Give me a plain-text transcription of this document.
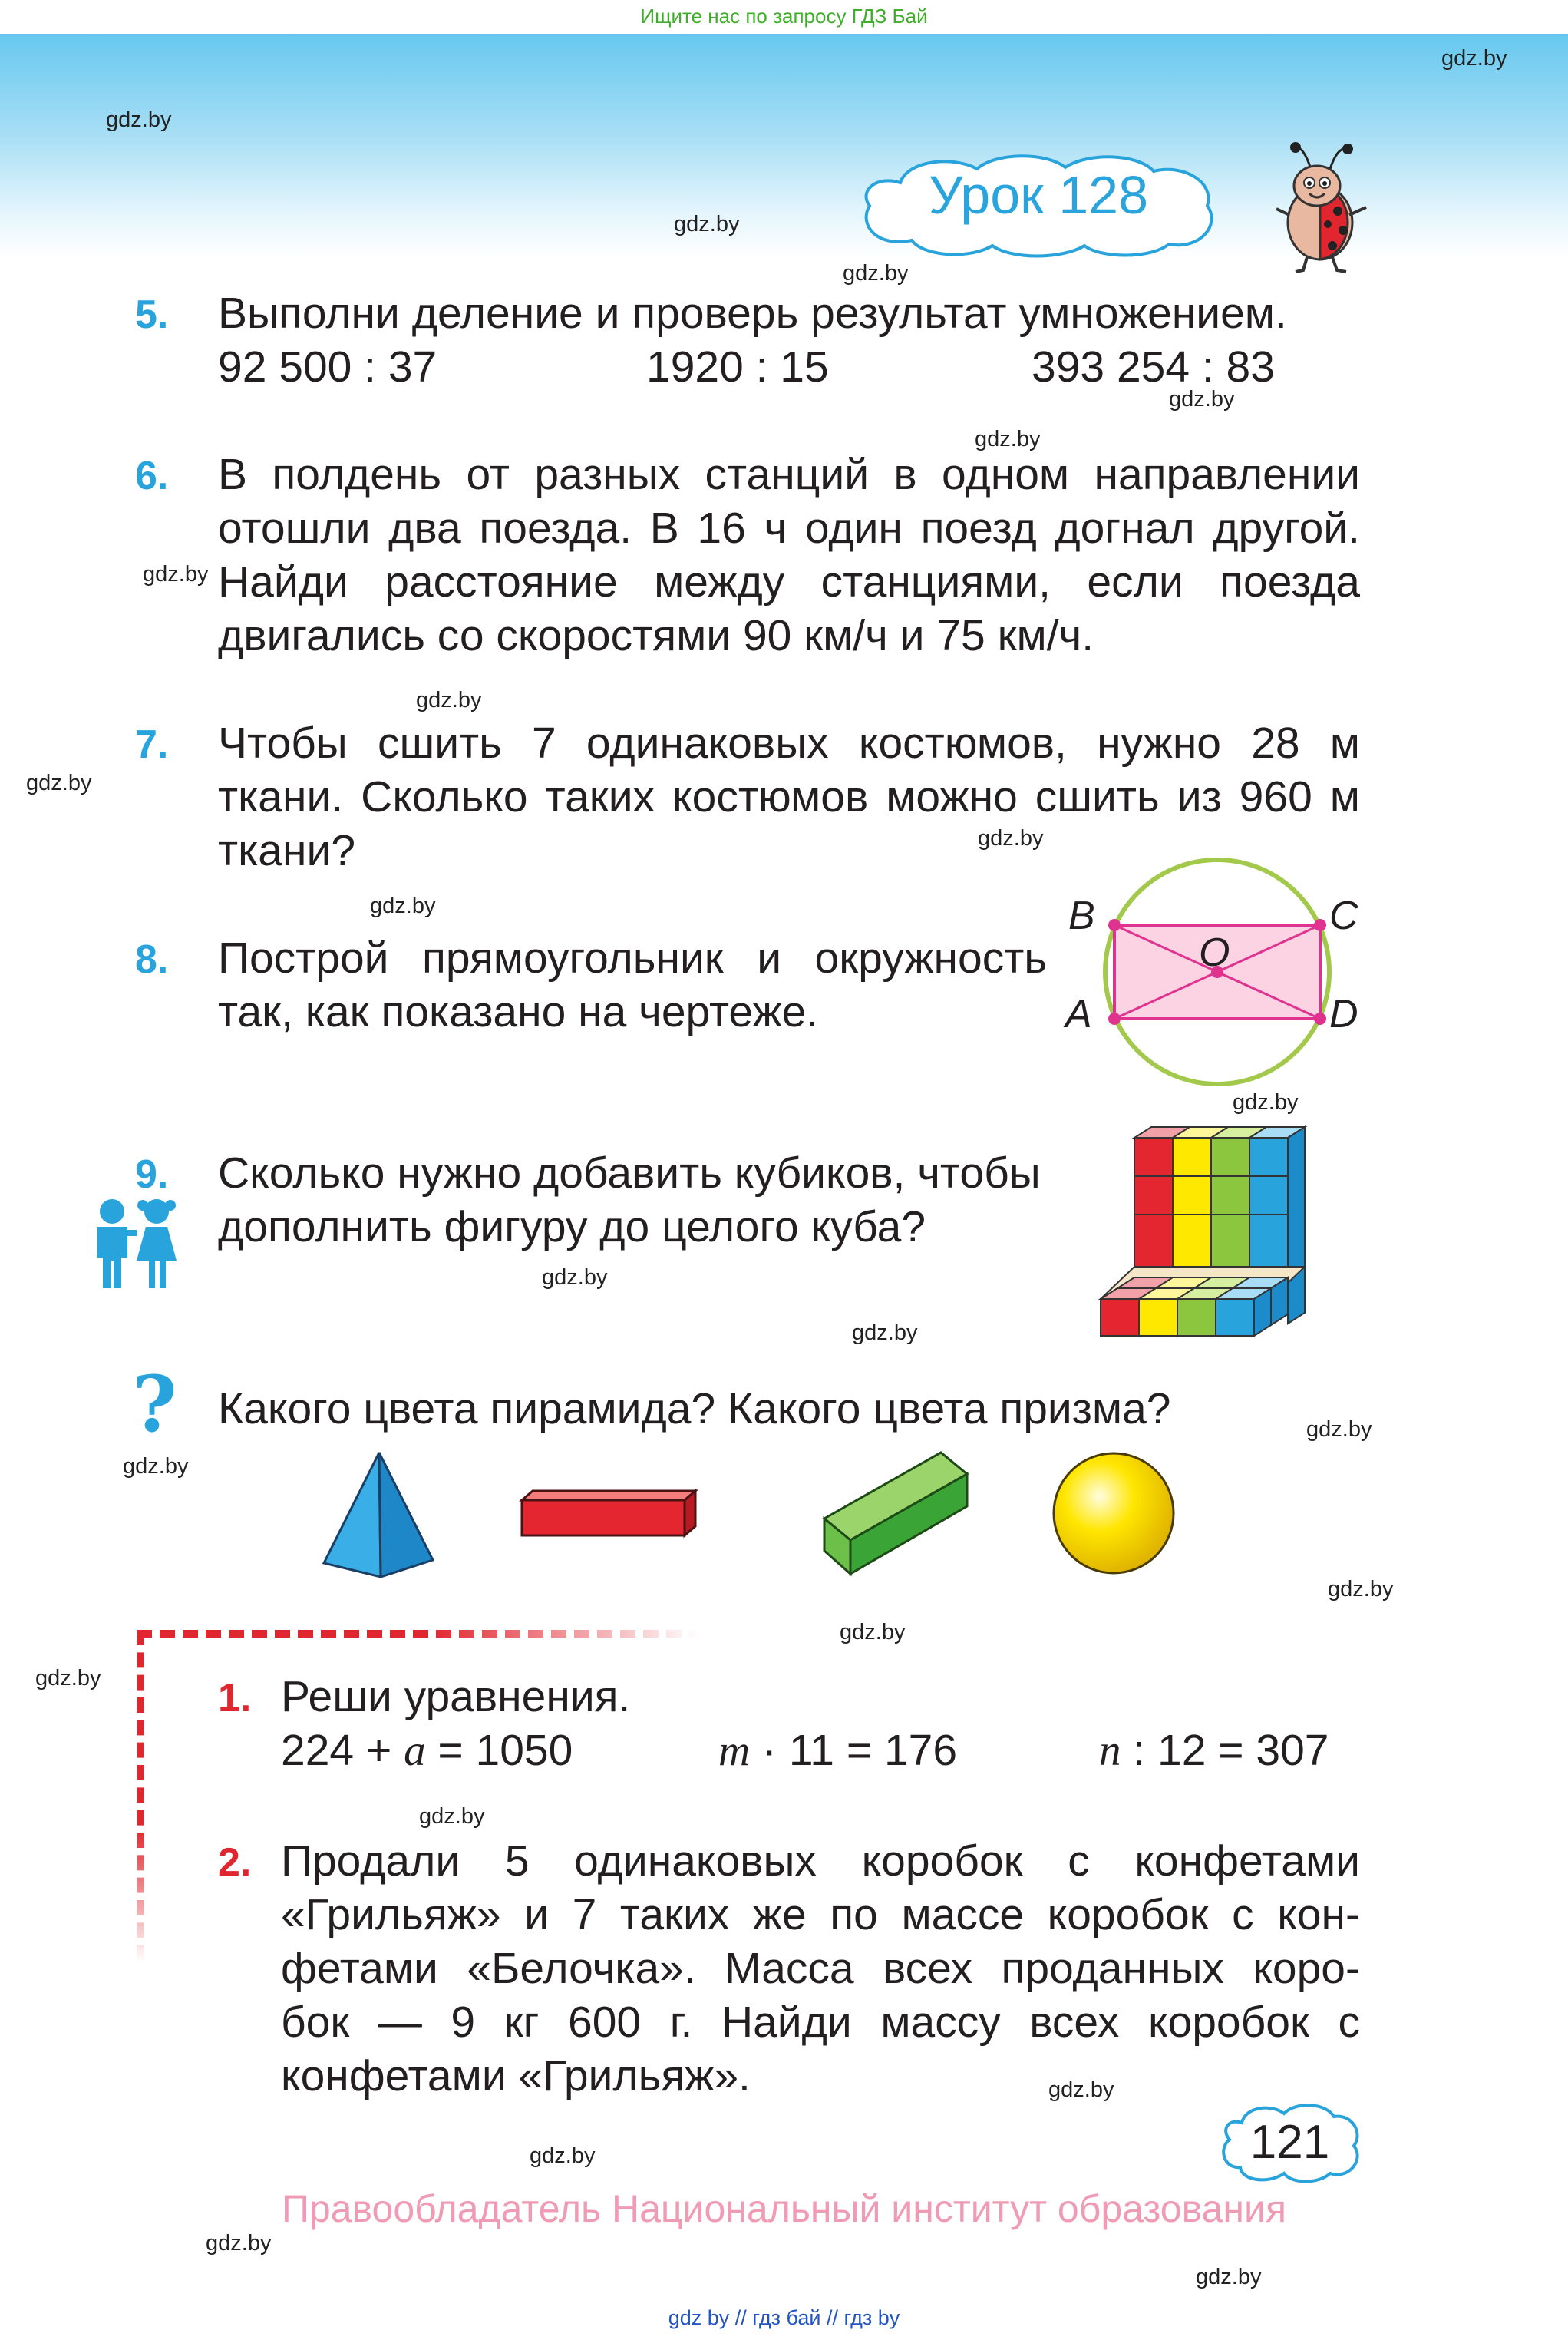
Ищите нас по запросу ГДЗ Бай
Урок 128
gdz.by
gdz.by
gdz.by
gdz.by
gdz.by
gdz.by
gdz.by
gdz.by
gdz.by
gdz.by
gdz.by
gdz.by
gdz.by
gdz.by
gdz.by
gdz.by
gdz.by
gdz.by
gdz.by
gdz.by
gdz.by
gdz.by
gdz.by
gdz.by
5. Выполни деление и проверь результат умножением.
92 500 : 37	1920 : 15	393 254 : 83
6. В полдень от разных станций в одном направлении
отошли два поезда. В 16 ч один поезд догнал другой.
Найди расстояние между станциями, если поезда
двигались со скоростями 90 км/ч и 75 км/ч.
7. Чтобы сшить 7 одинаковых костюмов, нужно 28 м
ткани. Сколько таких костюмов можно сшить из 960 м
ткани?
8. Построй прямоугольник и окружность
так, как показано на чертеже.
B	C
O
A	D
9. Сколько нужно добавить кубиков, чтобы
дополнить фигуру до целого куба?
? Какого цвета пирамида? Какого цвета призма?
1. Реши уравнения.
224 + a = 1050	m · 11 = 176	n : 12 = 307
2. Продали 5 одинаковых коробок с конфетами
«Грильяж» и 7 таких же по массе коробок с кон-
фетами «Белочка». Масса всех проданных коро-
бок — 9 кг 600 г. Найди массу всех коробок с
конфетами «Грильяж».
121
Правообладатель Национальный институт образования
gdz by // гдз бай // гдз by
